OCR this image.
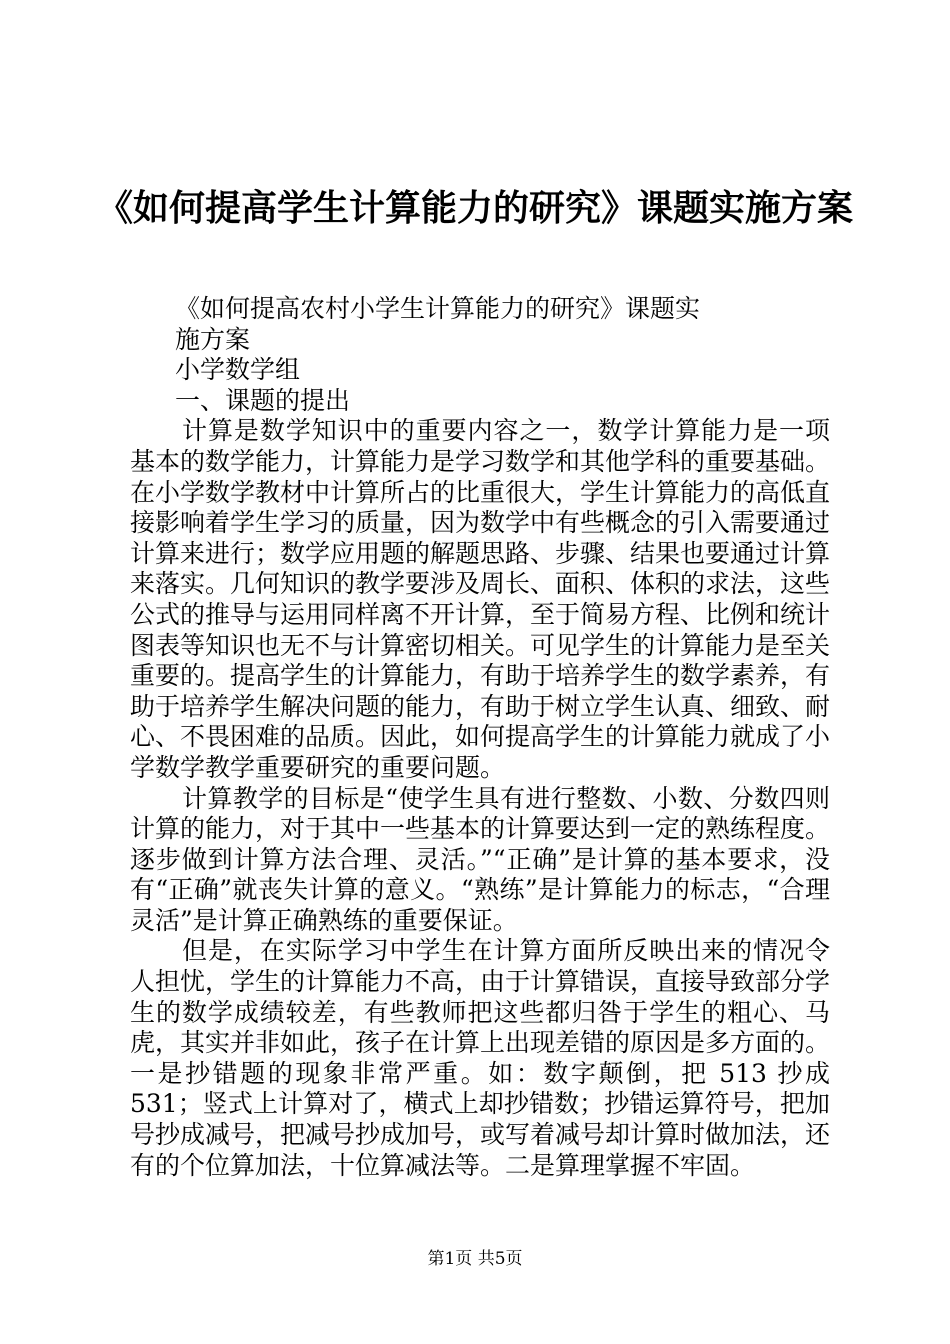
《如何提高学生计算能力的研究》课题实施方案
《如何提高农村小学生计算能力的研究》课题实
施方案
小学数学组
一、课题的提出

计算是数学知识中的重要内容之一，数学计算能力是一项基本的数学能力，计算能力是学习数学和其他学科的重要基础。在小学数学教材中计算所占的比重很大，学生计算能力的高低直接影响着学生学习的质量，因为数学中有些概念的引入需要通过计算来进行；数学应用题的解题思路、步骤、结果也要通过计算来落实。几何知识的教学要涉及周长、面积、体积的求法，这些公式的推导与运用同样离不开计算，至于简易方程、比例和统计图表等知识也无不与计算密切相关。可见学生的计算能力是至关重要的。提高学生的计算能力，有助于培养学生的数学素养，有助于培养学生解决问题的能力，有助于树立学生认真、细致、耐心、不畏困难的品质。因此，如何提高学生的计算能力就成了小学数学教学重要研究的重要问题。

计算教学的目标是“使学生具有进行整数、小数、分数四则计算的能力，对于其中一些基本的计算要达到一定的熟练程度。逐步做到计算方法合理、灵活。”“正确”是计算的基本要求，没有“正确”就丧失计算的意义。“熟练”是计算能力的标志，“合理灵活”是计算正确熟练的重要保证。

但是，在实际学习中学生在计算方面所反映出来的情况令人担忧，学生的计算能力不高，由于计算错误，直接导致部分学生的数学成绩较差，有些教师把这些都归咎于学生的粗心、马虎，其实并非如此，孩子在计算上出现差错的原因是多方面的。一是抄错题的现象非常严重。如：数字颠倒，把 513 抄成 531；竖式上计算对了，横式上却抄错数；抄错运算符号，把加号抄成减号，把减号抄成加号，或写着减号却计算时做加法，还有的个位算加法，十位算减法等。二是算理掌握不牢固。

第1页 共5页
